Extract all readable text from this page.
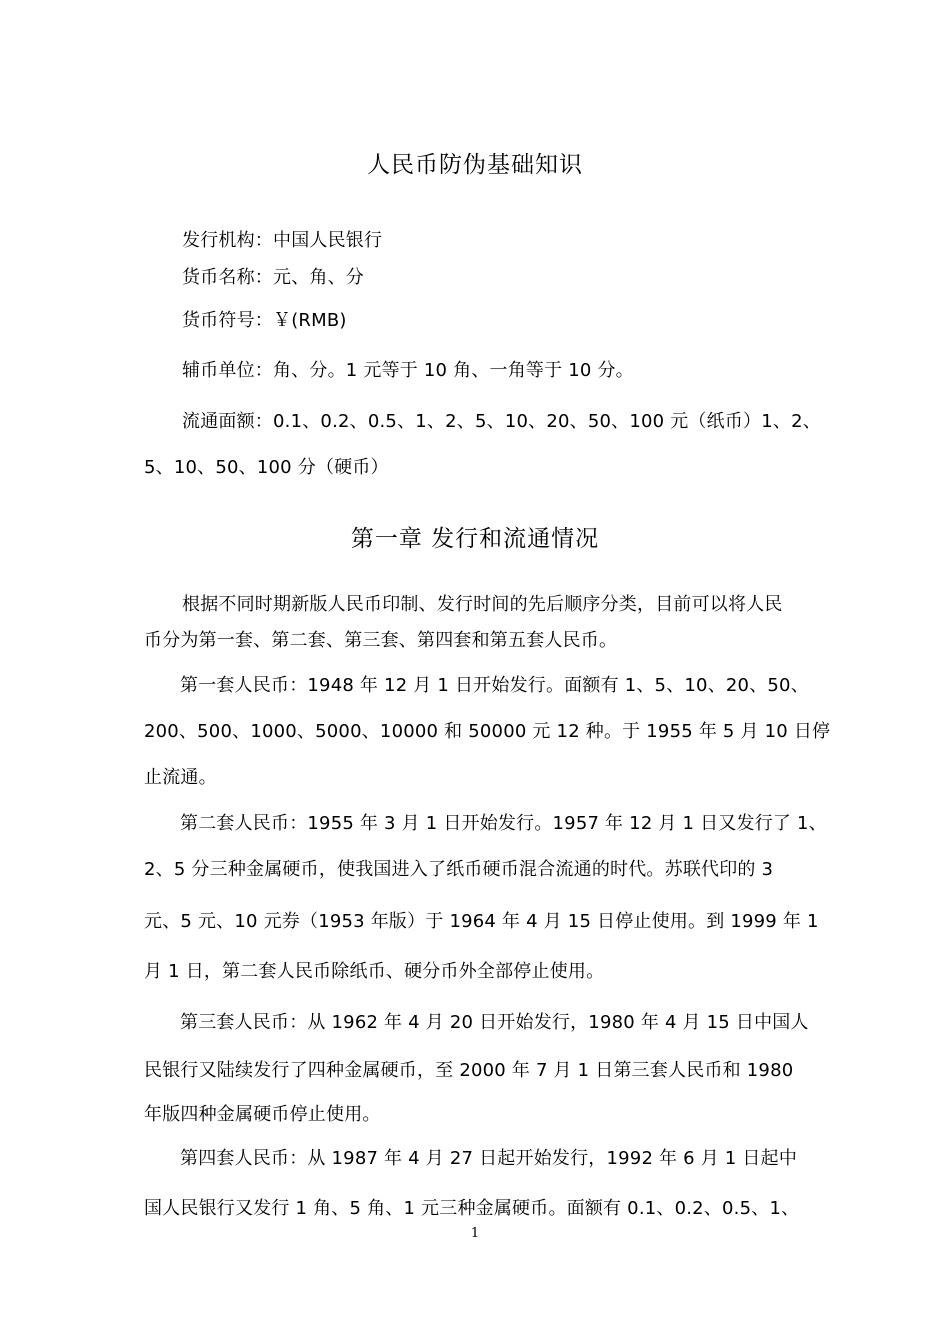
人民币防伪基础知识
发行机构：中国人民银行
货币名称：元、角、分
货币符号：￥(RMB)
辅币单位：角、分。1 元等于 10 角、一角等于 10 分。
流通面额：0.1、0.2、0.5、1、2、5、10、20、50、100 元（纸币）1、2、
5、10、50、100 分（硬币）
第一章 发行和流通情况
根据不同时期新版人民币印制、发行时间的先后顺序分类，目前可以将人民
币分为第一套、第二套、第三套、第四套和第五套人民币。
第一套人民币：1948 年 12 月 1 日开始发行。面额有 1、5、10、20、50、
200、500、1000、5000、10000 和 50000 元 12 种。于 1955 年 5 月 10 日停
止流通。
第二套人民币：1955 年 3 月 1 日开始发行。1957 年 12 月 1 日又发行了 1、
2、5 分三种金属硬币，使我国进入了纸币硬币混合流通的时代。苏联代印的 3
元、5 元、10 元券（1953 年版）于 1964 年 4 月 15 日停止使用。到 1999 年 1
月 1 日，第二套人民币除纸币、硬分币外全部停止使用。
第三套人民币：从 1962 年 4 月 20 日开始发行，1980 年 4 月 15 日中国人
民银行又陆续发行了四种金属硬币，至 2000 年 7 月 1 日第三套人民币和 1980
年版四种金属硬币停止使用。
第四套人民币：从 1987 年 4 月 27 日起开始发行，1992 年 6 月 1 日起中
国人民银行又发行 1 角、5 角、1 元三种金属硬币。面额有 0.1、0.2、0.5、1、
1
